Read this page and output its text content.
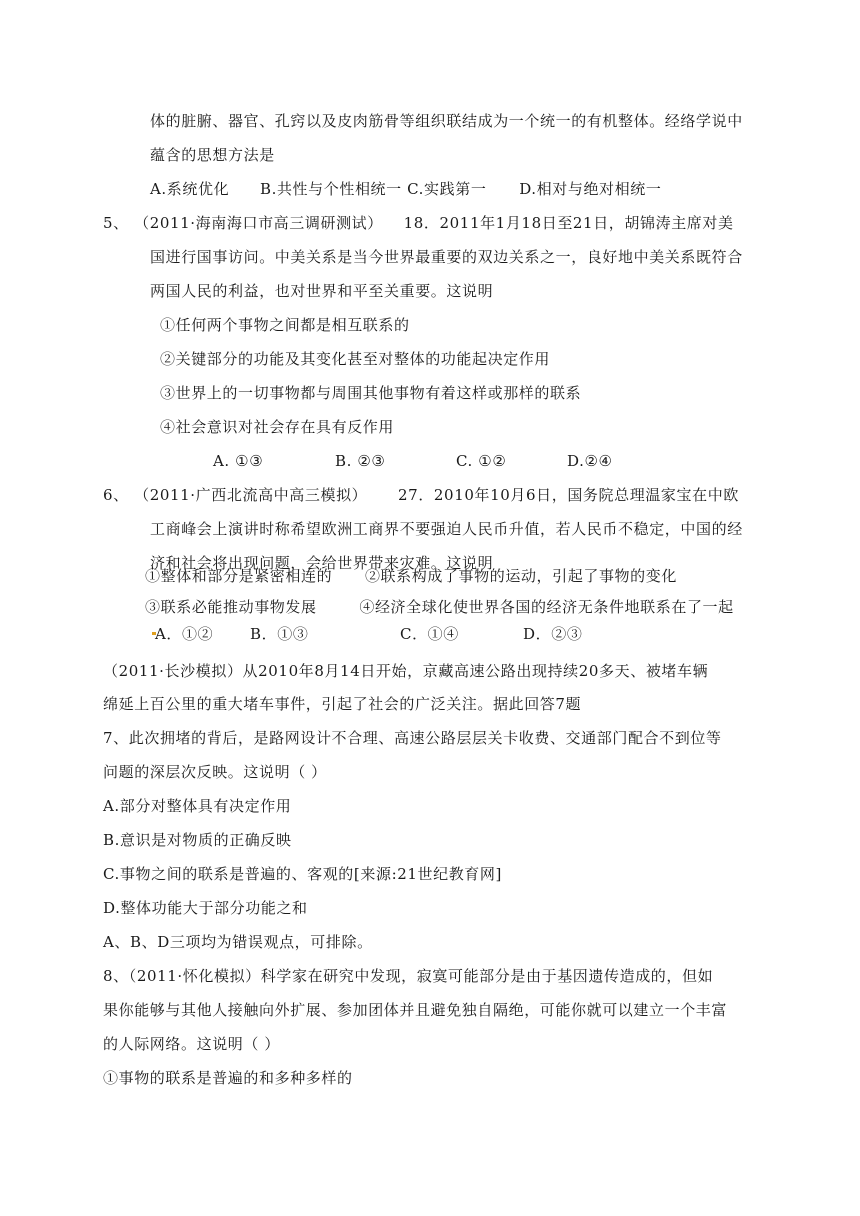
体的脏腑、器官、孔窍以及皮肉筋骨等组织联结成为一个统一的有机整体。经络学说中
蕴含的思想方法是
A.系统优化 B.共性与个性相统一 C.实践第一 D.相对与绝对相统一
5、 （2011·海南海口市高三调研测试） 18．2011年1月18日至21日，胡锦涛主席对美
国进行国事访问。中美关系是当今世界最重要的双边关系之一，良好地中美关系既符合
两国人民的利益，也对世界和平至关重要。这说明
①任何两个事物之间都是相互联系的
②关键部分的功能及其变化甚至对整体的功能起决定作用
③世界上的一切事物都与周围其他事物有着这样或那样的联系
④社会意识对社会存在具有反作用
A. ①③	B. ②③	C. ①②	D.②④
6、 （2011·广西北流高中高三模拟） 27．2010年10月6日，国务院总理温家宝在中欧
工商峰会上演讲时称希望欧洲工商界不要强迫人民币升值，若人民币不稳定，中国的经
济和社会将出现问题，会给世界带来灾难。这说明
①整体和部分是紧密相连的 ②联系构成了事物的运动，引起了事物的变化
③联系必能推动事物发展	④经济全球化使世界各国的经济无条件地联系在了一起
A．①② B．①③	C．①④	D．②③
（2011·长沙模拟）从2010年8月14日开始，京藏高速公路出现持续20多天、被堵车辆
绵延上百公里的重大堵车事件，引起了社会的广泛关注。据此回答7题
7、此次拥堵的背后，是路网设计不合理、高速公路层层关卡收费、交通部门配合不到位等
问题的深层次反映。这说明（ ）
A.部分对整体具有决定作用
B.意识是对物质的正确反映
C.事物之间的联系是普遍的、客观的[来源:21世纪教育网]
D.整体功能大于部分功能之和
A、B、D三项均为错误观点，可排除。
8、（2011·怀化模拟）科学家在研究中发现，寂寞可能部分是由于基因遗传造成的，但如
果你能够与其他人接触向外扩展、参加团体并且避免独自隔绝，可能你就可以建立一个丰富
的人际网络。这说明（ ）
①事物的联系是普遍的和多种多样的
